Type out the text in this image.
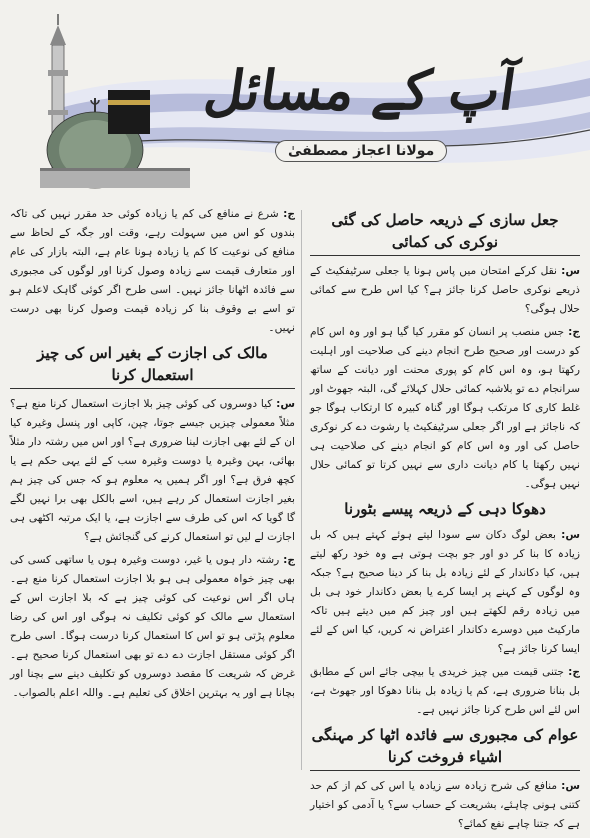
آپ کے مسائل
مولانا اعجاز مصطفیٰ
جعل سازی کے ذریعہ حاصل کی گئی نوکری کی کمائی

س: نقل کرکے امتحان میں پاس ہونا یا جعلی سرٹیفکیٹ کے ذریعے نوکری حاصل کرنا جائز ہے؟ کیا اس طرح سے کمائی حلال ہوگی؟

ج: جس منصب پر انسان کو مقرر کیا گیا ہو اور وہ اس کام کو درست اور صحیح طرح انجام دینے کی صلاحیت اور اہلیت رکھتا ہو، وہ اس کام کو پوری محنت اور دیانت کے ساتھ سرانجام دے تو بلاشبہ کمائی حلال کہلائے گی، البتہ جھوٹ اور غلط کاری کا مرتکب ہوگا اور گناہ کبیرہ کا ارتکاب ہوگا جو کہ ناجائز ہے اور اگر جعلی سرٹیفکیٹ یا رشوت دے کر نوکری حاصل کی اور وہ اس کام کو انجام دینے کی صلاحیت ہی نہیں رکھتا یا کام دیانت داری سے نہیں کرتا تو کمائی حلال نہیں ہوگی۔

دھوکا دہی کے ذریعہ پیسے بٹورنا

س: بعض لوگ دکان سے سودا لیتے ہوئے کہتے ہیں کہ بل زیادہ کا بنا کر دو اور جو بچت ہوتی ہے وہ خود رکھ لیتے ہیں، کیا دکاندار کے لئے زیادہ بل بنا کر دینا صحیح ہے؟ جبکہ وہ لوگوں کے کہنے پر ایسا کرے یا بعض دکاندار خود ہی بل میں زیادہ رقم لکھتے ہیں اور چیز کم میں دیتے ہیں تاکہ مارکیٹ میں دوسرے دکاندار اعتراض نہ کریں، کیا اس کے لئے ایسا کرنا جائز ہے؟

ج: جتنی قیمت میں چیز خریدی یا بیچی جائے اس کے مطابق بل بنانا ضروری ہے، کم یا زیادہ بل بنانا دھوکا اور جھوٹ ہے، اس لئے اس طرح کرنا جائز نہیں ہے۔

عوام کی مجبوری سے فائدہ اٹھا کر مہنگی اشیاء فروخت کرنا

س: منافع کی شرح زیادہ سے زیادہ یا اس کی کم از کم حد کتنی ہونی چاہئے، بشریعت کے حساب سے؟ یا آدمی کو اختیار ہے کہ جتنا چاہے نفع کمائے؟

ج: شرع نے منافع کی کم یا زیادہ کوئی حد مقرر نہیں کی تاکہ بندوں کو اس میں سہولت رہے، وقت اور جگہ کے لحاظ سے منافع کی نوعیت کا کم یا زیادہ ہونا عام ہے، البتہ بازار کی عام اور متعارف قیمت سے زیادہ وصول کرنا اور لوگوں کی مجبوری سے فائدہ اٹھانا جائز نہیں۔ اسی طرح اگر کوئی گاہک لاعلم ہو تو اسے بے وقوف بنا کر زیادہ قیمت وصول کرنا بھی درست نہیں۔

مالک کی اجازت کے بغیر اس کی چیز استعمال کرنا

س: کیا دوسروں کی کوئی چیز بلا اجازت استعمال کرنا منع ہے؟ مثلاً معمولی چیزیں جیسے جوتا، چپن، کاپی اور پنسل وغیرہ کیا ان کے لئے بھی اجازت لینا ضروری ہے؟ اور اس میں رشتہ دار مثلاً بھائی، بہن وغیرہ یا دوست وغیرہ سب کے لئے یہی حکم ہے یا کچھ فرق ہے؟ اور اگر ہمیں یہ معلوم ہو کہ جس کی چیز ہم بغیر اجازت استعمال کر رہے ہیں، اسے بالکل بھی برا نہیں لگے گا گویا کہ اس کی طرف سے اجازت ہے، یا ایک مرتبہ اکٹھی ہی اجازت لے لیں تو استعمال کرنے کی گنجائش ہے؟

ج: رشتہ دار ہوں یا غیر، دوست وغیرہ ہوں یا ساتھی کسی کی بھی چیز خواہ معمولی ہی ہو بلا اجازت استعمال کرنا منع ہے۔ ہاں اگر اس نوعیت کی کوئی چیز ہے کہ بلا اجازت اس کے استعمال سے مالک کو کوئی تکلیف نہ ہوگی اور اس کی رضا معلوم پڑتی ہو تو اس کا استعمال کرنا درست ہوگا۔ اسی طرح اگر کوئی مستقل اجازت دے دے تو بھی استعمال کرنا صحیح ہے۔ غرض کہ شریعت کا مقصد دوسروں کو تکلیف دینے سے بچنا اور بچانا ہے اور یہ بہترین اخلاق کی تعلیم ہے۔ واللہ اعلم بالصواب۔
